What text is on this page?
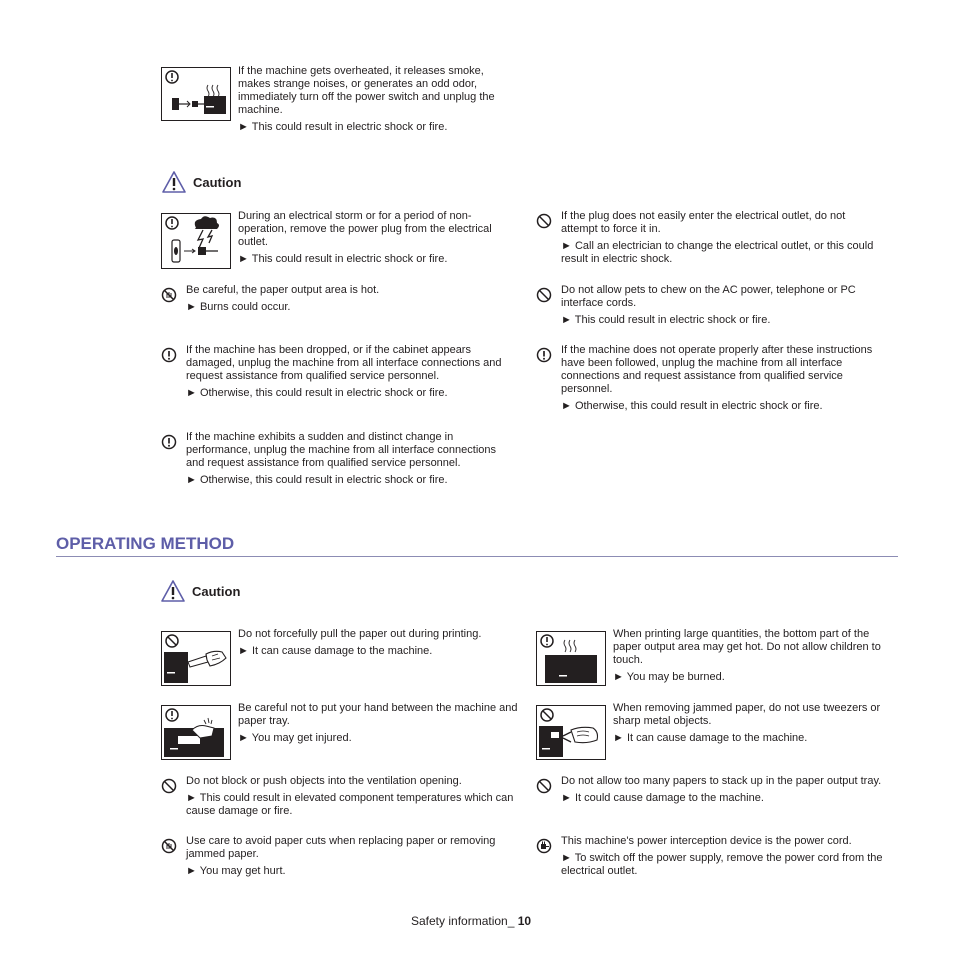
If the machine gets overheated, it releases smoke, makes strange noises, or generates an odd odor, immediately turn off the power switch and unplug the machine.

► This could result in electric shock or fire.

Caution

During an electrical storm or for a period of non-operation, remove the power plug from the electrical outlet.

► This could result in electric shock or fire.

If the plug does not easily enter the electrical outlet, do not attempt to force it in.

► Call an electrician to change the electrical outlet, or this could result in electric shock.

Be careful, the paper output area is hot.

► Burns could occur.

Do not allow pets to chew on the AC power, telephone or PC interface cords.

► This could result in electric shock or fire.

If the machine has been dropped, or if the cabinet appears damaged, unplug the machine from all interface connections and request assistance from qualified service personnel.

► Otherwise, this could result in electric shock or fire.

If the machine does not operate properly after these instructions have been followed, unplug the machine from all interface connections and request assistance from qualified service personnel.

► Otherwise, this could result in electric shock or fire.

If the machine exhibits a sudden and distinct change in performance, unplug the machine from all interface connections and request assistance from qualified service personnel.

► Otherwise, this could result in electric shock or fire.

OPERATING METHOD
Caution

Do not forcefully pull the paper out during printing.

► It can cause damage to the machine.

When printing large quantities, the bottom part of the paper output area may get hot. Do not allow children to touch.

► You may be burned.

Be careful not to put your hand between the machine and paper tray.

► You may get injured.

When removing jammed paper, do not use tweezers or sharp metal objects.

► It can cause damage to the machine.

Do not block or push objects into the ventilation opening.

► This could result in elevated component temperatures which can cause damage or fire.

Do not allow too many papers to stack up in the paper output tray.

► It could cause damage to the machine.

Use care to avoid paper cuts when replacing paper or removing jammed paper.

► You may get hurt.

This machine's power interception device is the power cord.

► To switch off the power supply, remove the power cord from the electrical outlet.

Safety information_ 10
